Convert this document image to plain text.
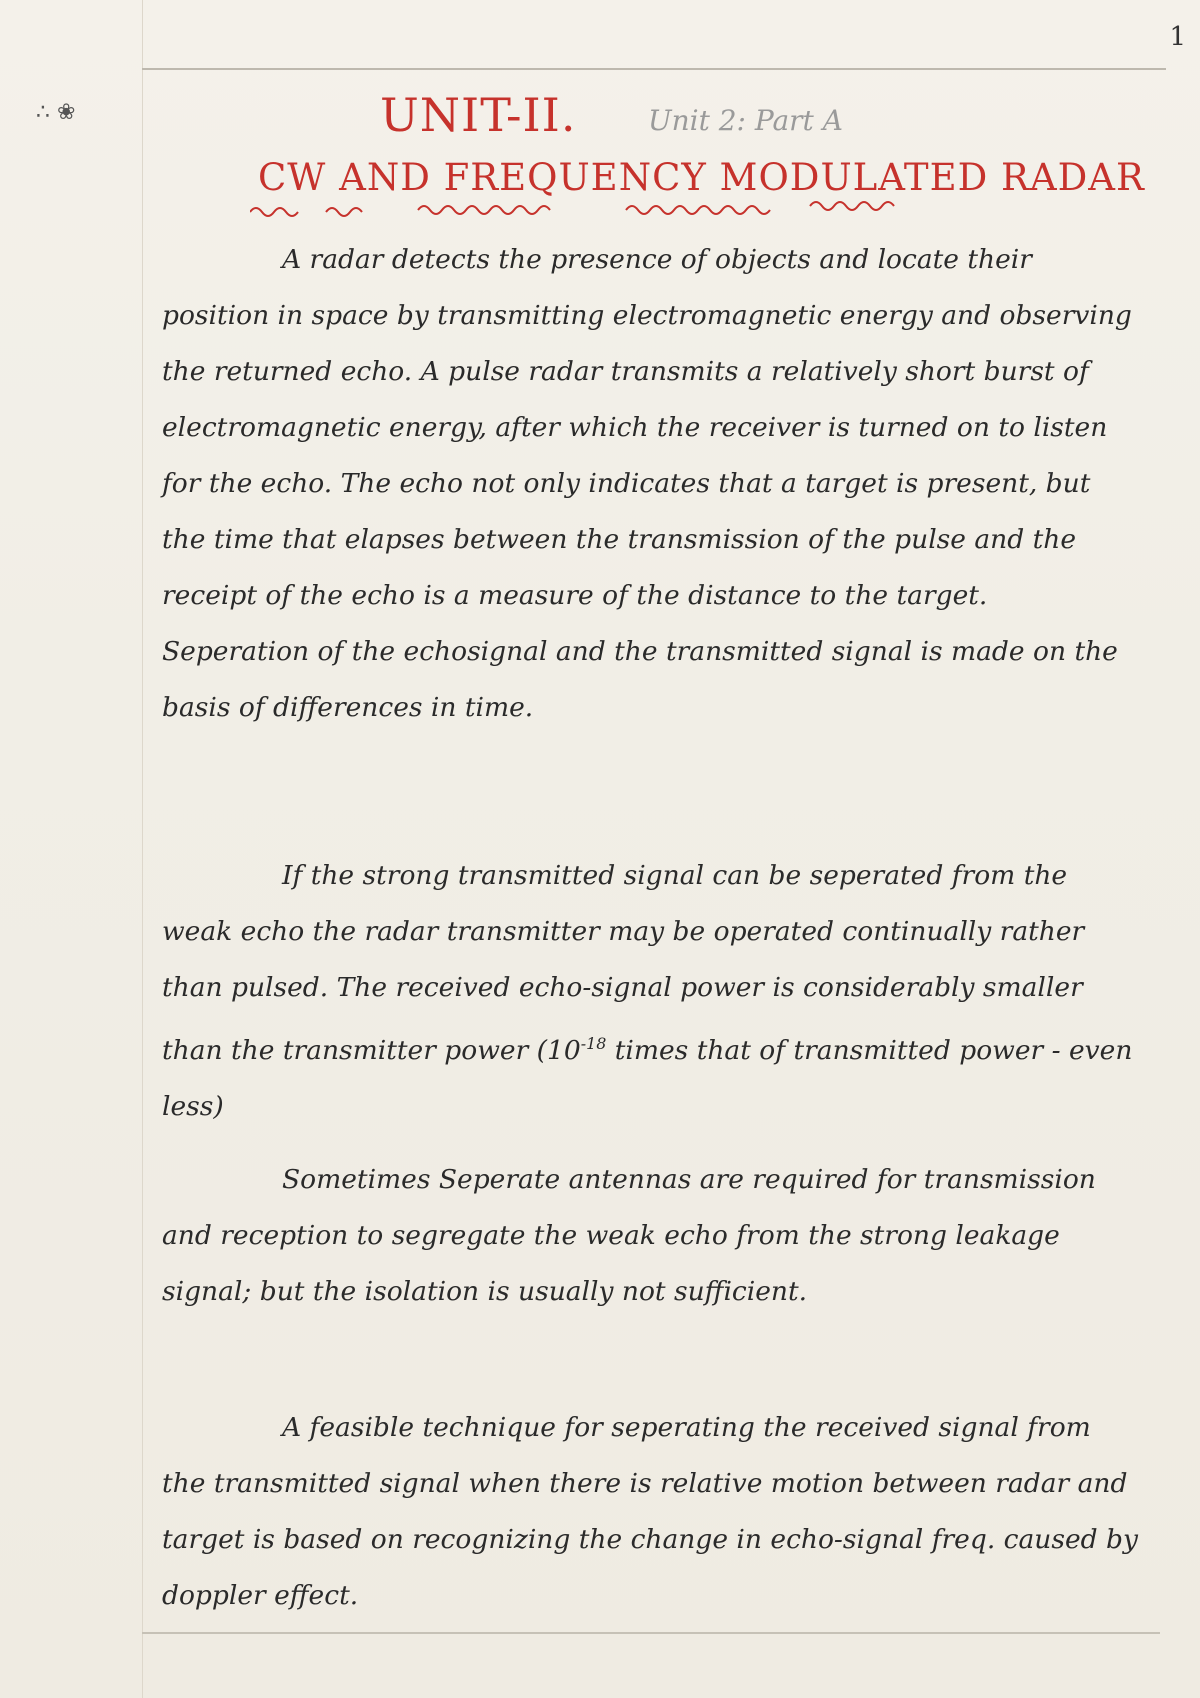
1
∴ ❀	UNIT-II.	Unit 2: Part A
CW AND FREQUENCY MODULATED RADAR

A radar detects the presence of objects and locate their position in space by transmitting electromagnetic energy and observing the returned echo. A pulse radar transmits a relatively short burst of electromagnetic energy, after which the receiver is turned on to listen for the echo. The echo not only indicates that a target is present, but the time that elapses between the transmission of the pulse and the receipt of the echo is a measure of the distance to the target. Seperation of the echosignal and the transmitted signal is made on the basis of differences in time.

If the strong transmitted signal can be seperated from the weak echo the radar transmitter may be operated continually rather than pulsed. The received echo-signal power is considerably smaller than the transmitter power ($10^{-18}$ times that of transmitted power - even less)

Sometimes Seperate antennas are required for transmission and reception to segregate the weak echo from the strong leakage signal; but the isolation is usually not sufficient.

A feasible technique for seperating the received signal from the transmitted signal when there is relative motion between radar and target is based on recognizing the change in echo-signal freq. caused by doppler effect.
